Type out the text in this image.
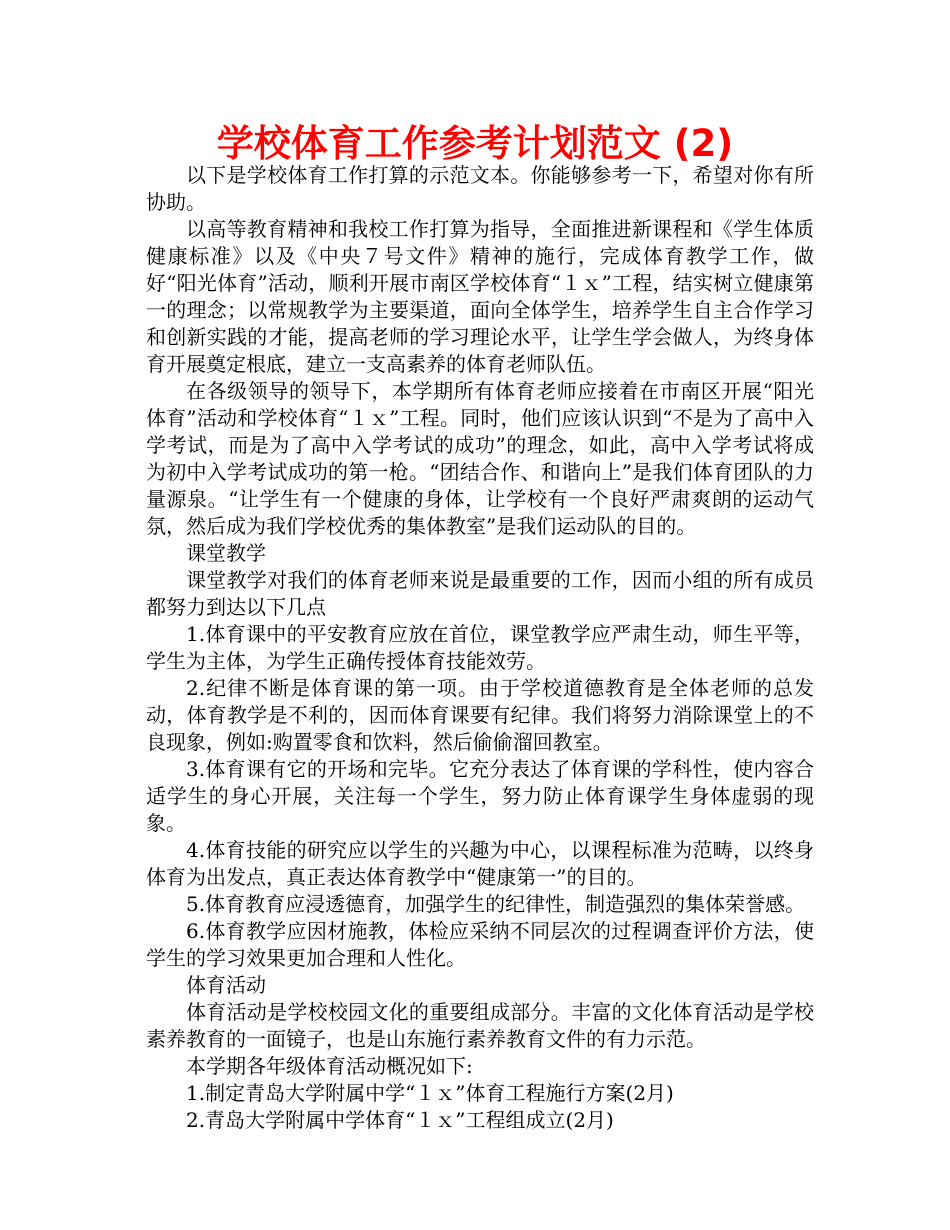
学校体育工作参考计划范文 (2)

以下是学校体育工作打算的示范文本。你能够参考一下，希望对你有所协助。

以高等教育精神和我校工作打算为指导，全面推进新课程和《学生体质健康标准》以及《中央７号文件》精神的施行，完成体育教学工作，做好“阳光体育”活动，顺利开展市南区学校体育“１ｘ”工程，结实树立健康第一的理念；以常规教学为主要渠道，面向全体学生，培养学生自主合作学习和创新实践的才能，提高老师的学习理论水平，让学生学会做人，为终身体育开展奠定根底，建立一支高素养的体育老师队伍。

在各级领导的领导下，本学期所有体育老师应接着在市南区开展“阳光体育”活动和学校体育“１ｘ”工程。同时，他们应该认识到“不是为了高中入学考试，而是为了高中入学考试的成功”的理念，如此，高中入学考试将成为初中入学考试成功的第一枪。“团结合作、和谐向上”是我们体育团队的力量源泉。“让学生有一个健康的身体，让学校有一个良好严肃爽朗的运动气氛，然后成为我们学校优秀的集体教室”是我们运动队的目的。

课堂教学

课堂教学对我们的体育老师来说是最重要的工作，因而小组的所有成员都努力到达以下几点

1.体育课中的平安教育应放在首位，课堂教学应严肃生动，师生平等，学生为主体，为学生正确传授体育技能效劳。

2.纪律不断是体育课的第一项。由于学校道德教育是全体老师的总发动，体育教学是不利的，因而体育课要有纪律。我们将努力消除课堂上的不良现象，例如:购置零食和饮料，然后偷偷溜回教室。

3.体育课有它的开场和完毕。它充分表达了体育课的学科性，使内容合适学生的身心开展，关注每一个学生，努力防止体育课学生身体虚弱的现象。

4.体育技能的研究应以学生的兴趣为中心，以课程标准为范畴，以终身体育为出发点，真正表达体育教学中“健康第一”的目的。

5.体育教育应浸透德育，加强学生的纪律性，制造强烈的集体荣誉感。

6.体育教学应因材施教，体检应采纳不同层次的过程调查评价方法，使学生的学习效果更加合理和人性化。

体育活动

体育活动是学校校园文化的重要组成部分。丰富的文化体育活动是学校素养教育的一面镜子，也是山东施行素养教育文件的有力示范。

本学期各年级体育活动概况如下:

1.制定青岛大学附属中学“１ｘ”体育工程施行方案(2月)

2.青岛大学附属中学体育“１ｘ”工程组成立(2月)
